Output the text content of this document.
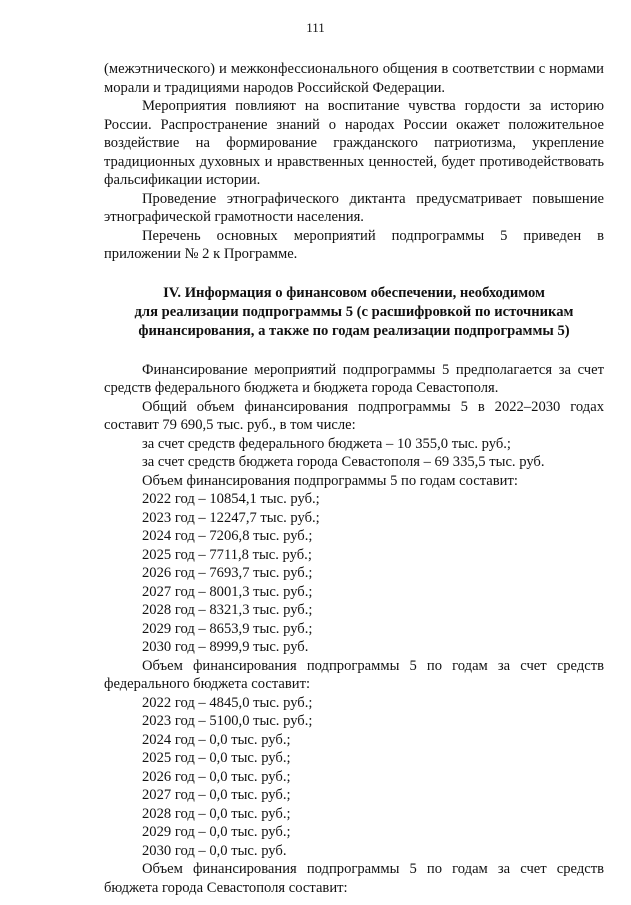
111

(межэтнического) и межконфессионального общения в соответствии с нормами морали и традициями народов Российской Федерации.

Мероприятия повлияют на воспитание чувства гордости за историю России. Распространение знаний о народах России окажет положительное воздействие на формирование гражданского патриотизма, укрепление традиционных духовных и нравственных ценностей, будет противодействовать фальсификации истории.

Проведение этнографического диктанта предусматривает повышение этнографической грамотности населения.

Перечень основных мероприятий подпрограммы 5 приведен в приложении № 2 к Программе.

IV. Информация о финансовом обеспечении, необходимом
для реализации подпрограммы 5 (с расшифровкой по источникам
финансирования, а также по годам реализации подпрограммы 5)

Финансирование мероприятий подпрограммы 5 предполагается за счет средств федерального бюджета и бюджета города Севастополя.

Общий объем финансирования подпрограммы 5 в 2022–2030 годах составит 79 690,5 тыс. руб., в том числе:

за счет средств федерального бюджета – 10 355,0 тыс. руб.;
за счет средств бюджета города Севастополя – 69 335,5 тыс. руб.

Объем финансирования подпрограммы 5 по годам составит:

2022 год – 10854,1 тыс. руб.;
2023 год – 12247,7 тыс. руб.;
2024 год – 7206,8 тыс. руб.;
2025 год – 7711,8 тыс. руб.;
2026 год – 7693,7 тыс. руб.;
2027 год – 8001,3 тыс. руб.;
2028 год – 8321,3 тыс. руб.;
2029 год – 8653,9 тыс. руб.;
2030 год – 8999,9 тыс. руб.

Объем финансирования подпрограммы 5 по годам за счет средств федерального бюджета составит:

2022 год – 4845,0 тыс. руб.;
2023 год – 5100,0 тыс. руб.;
2024 год – 0,0 тыс. руб.;
2025 год – 0,0 тыс. руб.;
2026 год – 0,0 тыс. руб.;
2027 год – 0,0 тыс. руб.;
2028 год – 0,0 тыс. руб.;
2029 год – 0,0 тыс. руб.;
2030 год – 0,0 тыс. руб.

Объем финансирования подпрограммы 5 по годам за счет средств бюджета города Севастополя составит:
